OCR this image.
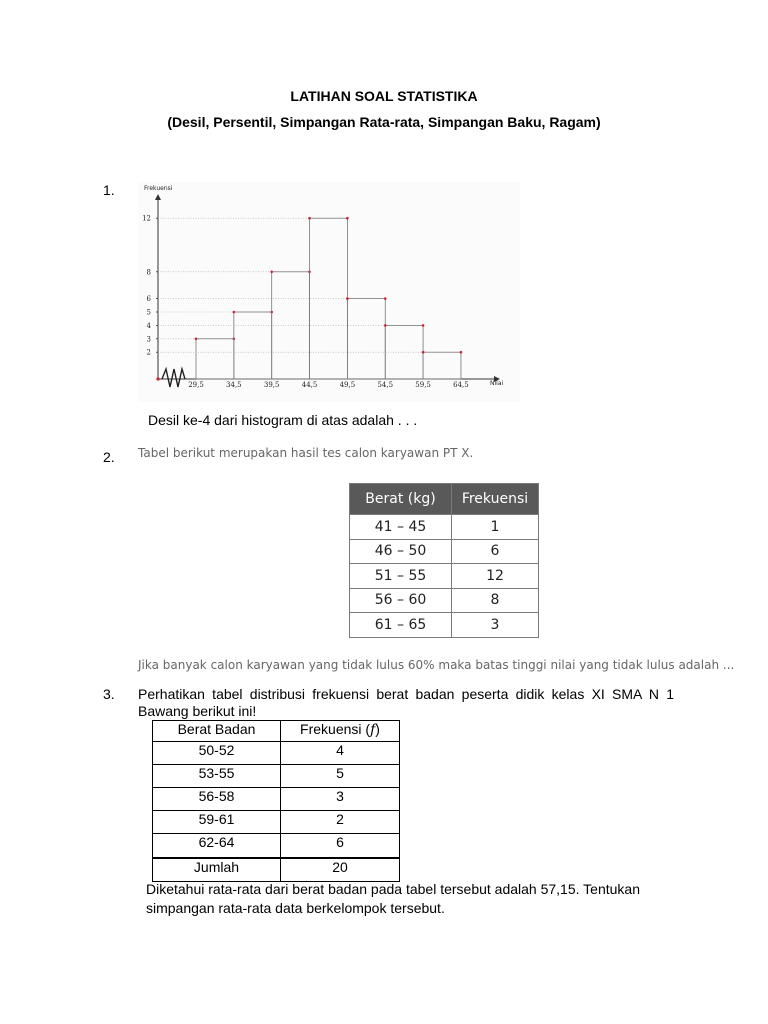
LATIHAN SOAL STATISTIKA
(Desil, Persentil, Simpangan Rata-rata, Simpangan Baku, Ragam)
1.	Frekuensi
Nilai
2
3
4
5
6
8
12
29,5	34,5	39,5	44,5	49,5	54,5	59,5	64,5
Desil ke-4 dari histogram di atas adalah . . .
2. Tabel berikut merupakan hasil tes calon karyawan PT X.
Berat (kg)	Frekuensi
41 – 45	1
46 – 50	6
51 – 55	12
56 – 60	8
61 – 65	3
Jika banyak calon karyawan yang tidak lulus 60% maka batas tinggi nilai yang tidak lulus adalah ...
3. Perhatikan tabel distribusi frekuensi berat badan peserta didik kelas XI SMA N 1 Bawang berikut ini!
Berat Badan	Frekuensi (f)
50-52	4
53-55	5
56-58	3
59-61	2
62-64	6
Jumlah	20
Diketahui rata-rata dari berat badan pada tabel tersebut adalah 57,15. Tentukan simpangan rata-rata data berkelompok tersebut.
